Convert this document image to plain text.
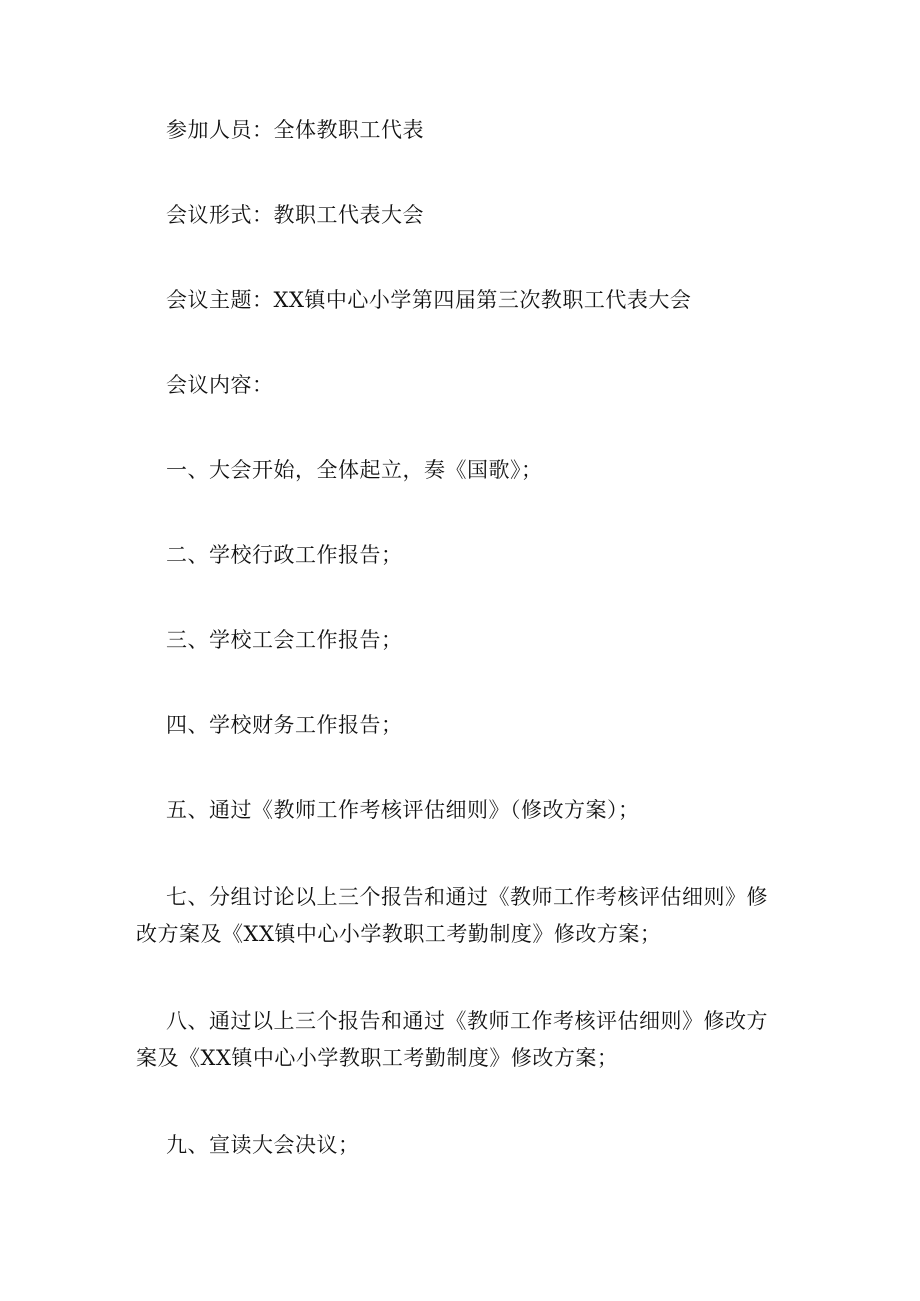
参加人员：全体教职工代表

会议形式：教职工代表大会

会议主题：XX镇中心小学第四届第三次教职工代表大会

会议内容：

一、大会开始，全体起立，奏《国歌》；

二、学校行政工作报告；

三、学校工会工作报告；

四、学校财务工作报告；

五、通过《教师工作考核评估细则》（修改方案）；

七、分组讨论以上三个报告和通过《教师工作考核评估细则》修改方案及《XX镇中心小学教职工考勤制度》修改方案；

八、通过以上三个报告和通过《教师工作考核评估细则》修改方案及《XX镇中心小学教职工考勤制度》修改方案；

九、宣读大会决议；
